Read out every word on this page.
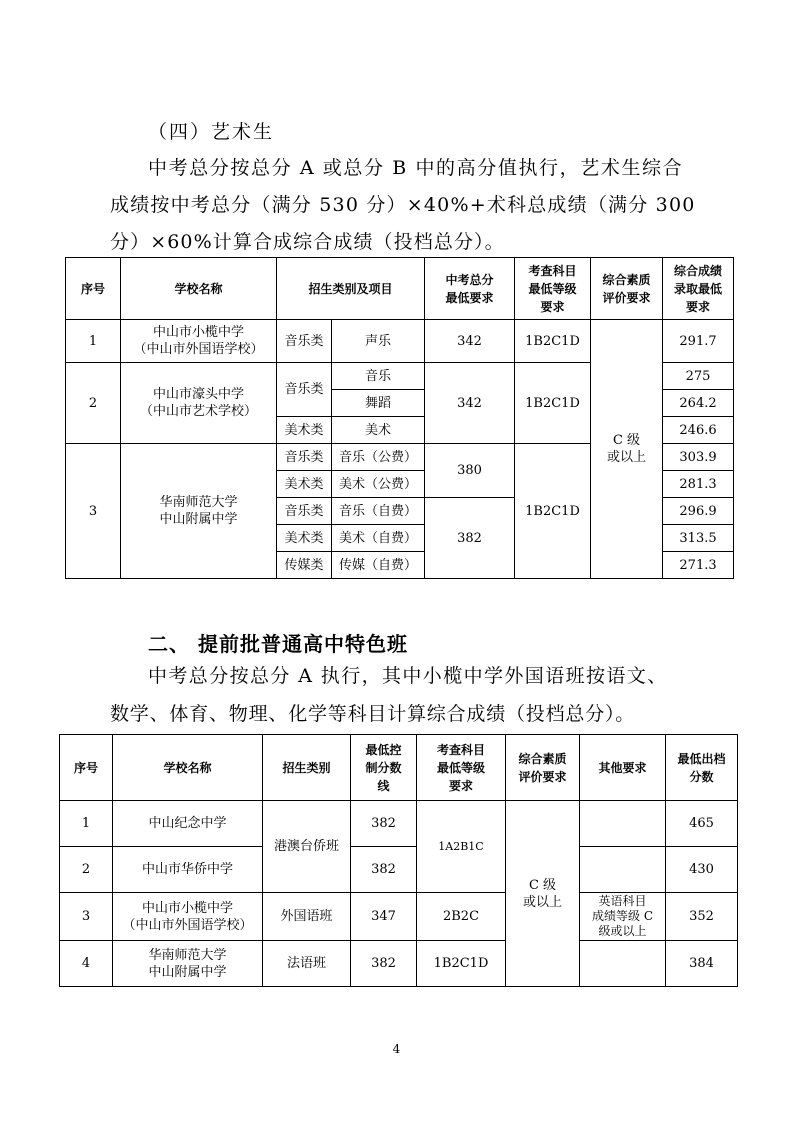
（四）艺术生
中考总分按总分 A 或总分 B 中的高分值执行，艺术生综合
成绩按中考总分（满分 530 分）×40%+术科总成绩（满分 300
分）×60%计算合成综合成绩（投档总分）。
序号	学校名称	招生类别及项目		中考总分
最低要求	考查科目
最低等级
要求	综合素质
评价要求	综合成绩
录取最低
要求

1	中山市小榄中学
（中山市外国语学校）	音乐类	声乐	342	1B2C1D	C 级
或以上	291.7
2	中山市濠头中学
（中山市艺术学校）	音乐类	音乐	342	1B2C1D		275
			舞蹈				264.2
		美术类	美术				246.6
3	华南师范大学
中山附属中学	音乐类	音乐（公费）	380	1B2C1D		303.9
		美术类	美术（公费）				281.3
		音乐类	音乐（自费）	382			296.9
		美术类	美术（自费）				313.5
		传媒类	传媒（自费）				271.3
二、 提前批普通高中特色班
中考总分按总分 A 执行，其中小榄中学外国语班按语文、
数学、体育、物理、化学等科目计算综合成绩（投档总分）。
序号	学校名称	招生类别	最低控
制分数
线	考查科目
最低等级
要求	综合素质
评价要求	其他要求	最低出档
分数

1	中山纪念中学	港澳台侨班	382	1A2B1C	C 级
或以上		465
2	中山市华侨中学		382				430
3	中山市小榄中学
（中山市外国语学校）	外国语班	347	2B2C		英语科目
成绩等级 C
级或以上	352
4	华南师范大学
中山附属中学	法语班	382	1B2C1D			384
4
